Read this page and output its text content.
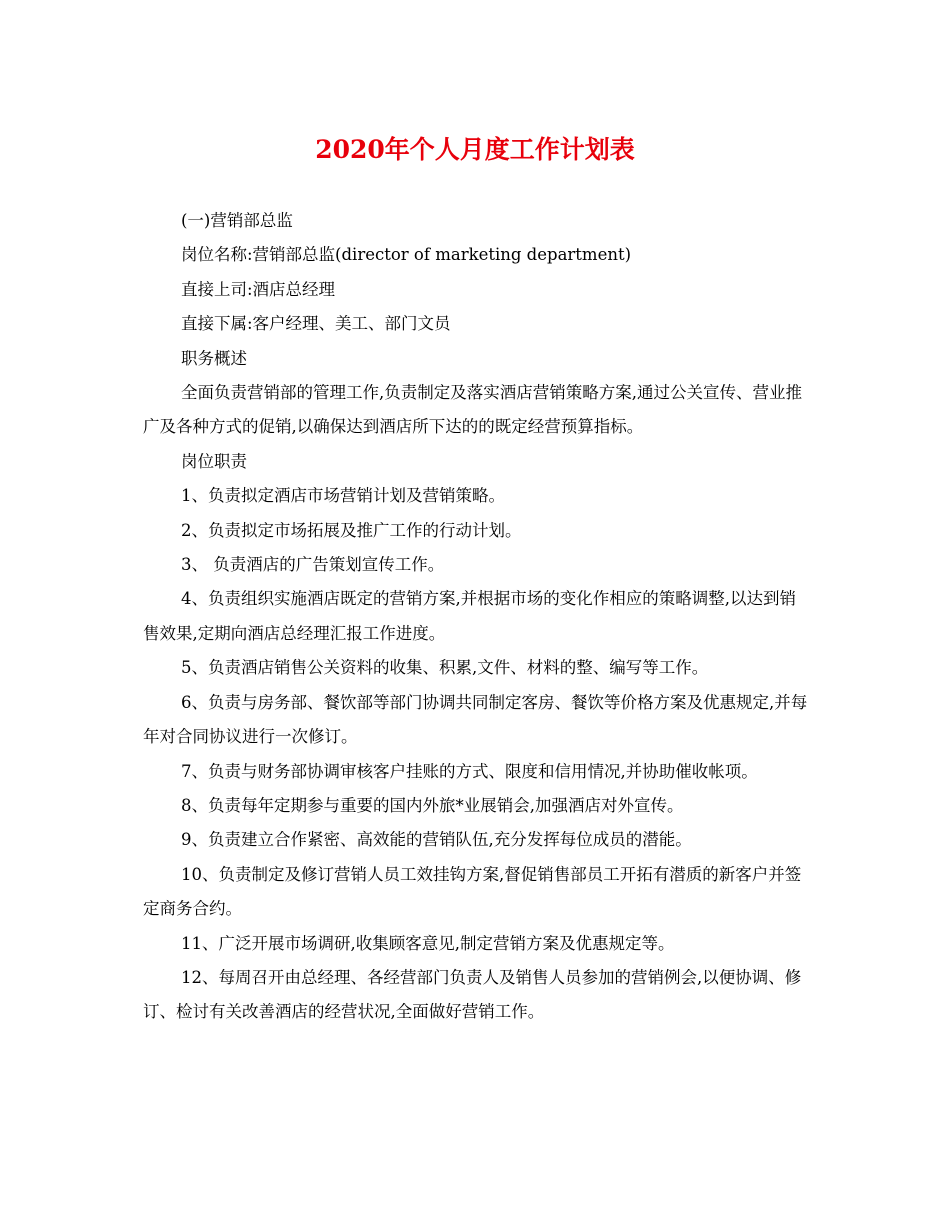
2020年个人月度工作计划表

(一)营销部总监

岗位名称:营销部总监(director of marketing department)

直接上司:酒店总经理

直接下属:客户经理、美工、部门文员

职务概述

全面负责营销部的管理工作,负责制定及落实酒店营销策略方案,通过公关宣传、营业推广及各种方式的促销,以确保达到酒店所下达的的既定经营预算指标。

岗位职责

1、负责拟定酒店市场营销计划及营销策略。

2、负责拟定市场拓展及推广工作的行动计划。

3、 负责酒店的广告策划宣传工作。

4、负责组织实施酒店既定的营销方案,并根据市场的变化作相应的策略调整,以达到销售效果,定期向酒店总经理汇报工作进度。

5、负责酒店销售公关资料的收集、积累,文件、材料的整、编写等工作。

6、负责与房务部、餐饮部等部门协调共同制定客房、餐饮等价格方案及优惠规定,并每年对合同协议进行一次修订。

7、负责与财务部协调审核客户挂账的方式、限度和信用情况,并协助催收帐项。

8、负责每年定期参与重要的国内外旅*业展销会,加强酒店对外宣传。

9、负责建立合作紧密、高效能的营销队伍,充分发挥每位成员的潜能。

10、负责制定及修订营销人员工效挂钩方案,督促销售部员工开拓有潜质的新客户并签定商务合约。

11、广泛开展市场调研,收集顾客意见,制定营销方案及优惠规定等。

12、每周召开由总经理、各经营部门负责人及销售人员参加的营销例会,以便协调、修订、检讨有关改善酒店的经营状况,全面做好营销工作。
